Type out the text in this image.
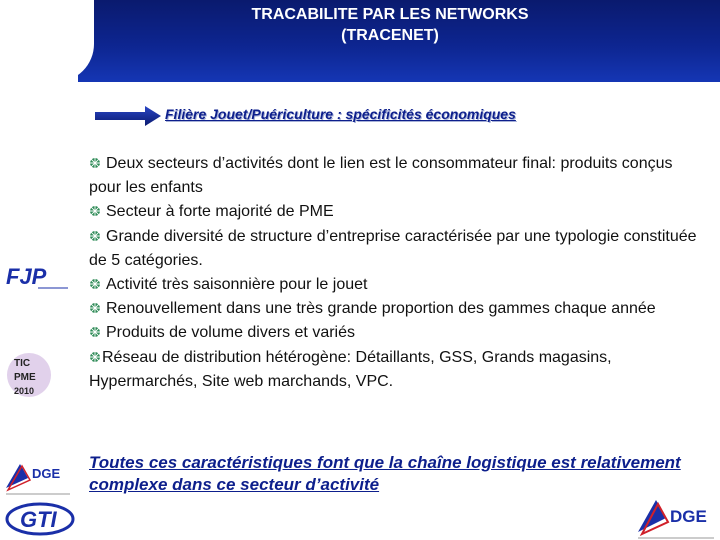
TRACABILITE PAR LES NETWORKS
(TRACENET)
Filière Jouet/Puériculture : spécificités économiques
Deux secteurs d’activités dont le lien est le consommateur final: produits conçus pour les enfants
Secteur à forte majorité de PME
Grande diversité de structure d’entreprise caractérisée par une typologie constituée de 5 catégories.
Activité très saisonnière pour le jouet
Renouvellement dans une très grande proportion des gammes chaque année
Produits de volume divers et variés
Réseau de distribution hétérogène: Détaillants, GSS, Grands magasins, Hypermarchés, Site web marchands, VPC.
Toutes ces caractéristiques font que la chaîne logistique est relativement complexe dans ce secteur d’activité
FJP
TIC
PME
2010
DGE
GTI	DGE
